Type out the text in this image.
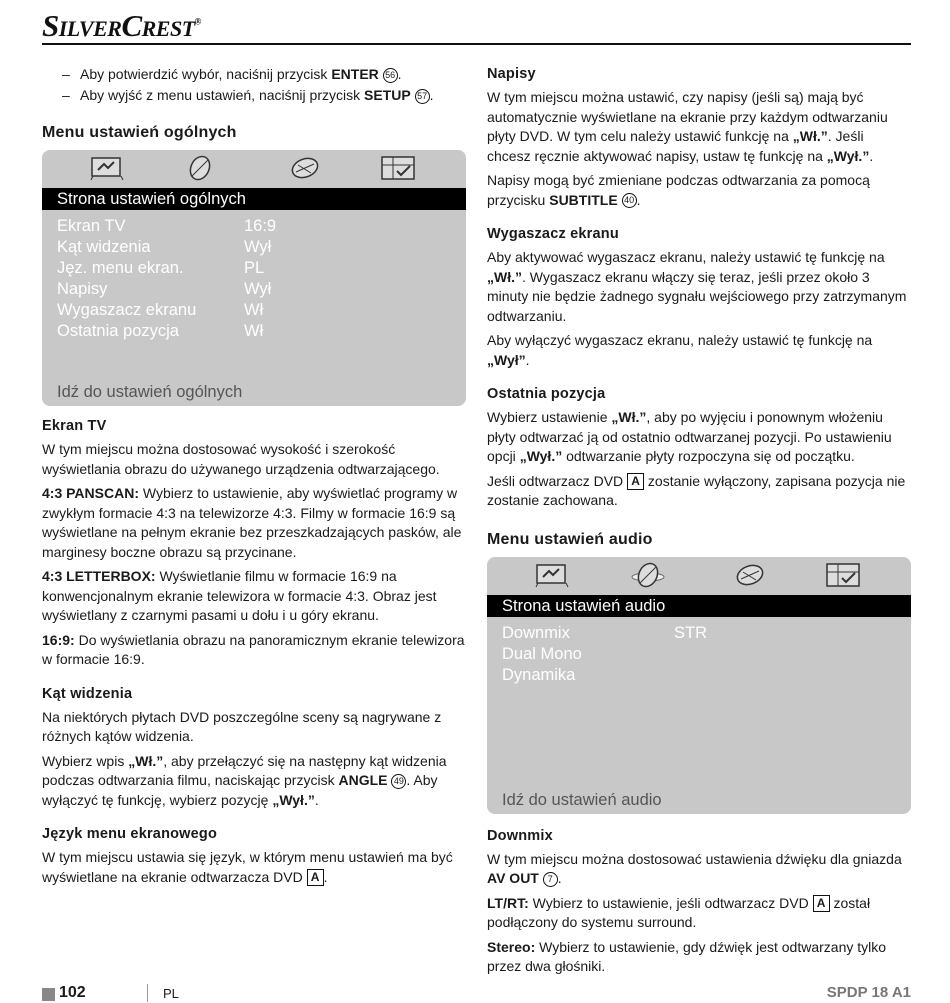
SilverCrest®
– Aby potwierdzić wybór, naciśnij przycisk ENTER 56 .
– Aby wyjść z menu ustawień, naciśnij przycisk SETUP 57 .
Menu ustawień ogólnych
Strona ustawień ogólnych
Ekran TV	16:9
Kąt widzenia	Wył
Jęz. menu ekran.	PL
Napisy	Wył
Wygaszacz ekranu	Wł
Ostatnia pozycja	Wł
Idź do ustawień ogólnych
Ekran TV
W tym miejscu można dostosować wysokość i szerokość wyświetlania obrazu do używanego urządzenia odtwarzającego.
4:3 PANSCAN: Wybierz to ustawienie, aby wyświetlać programy w zwykłym formacie 4:3 na telewizorze 4:3. Filmy w formacie 16:9 są wyświetlane na pełnym ekranie bez przeszkadzających pasków, ale marginesy boczne obrazu są przycinane.
4:3 LETTERBOX: Wyświetlanie filmu w formacie 16:9 na konwencjonalnym ekranie telewizora w formacie 4:3. Obraz jest wyświetlany z czarnymi pasami u dołu i u góry ekranu.
16:9: Do wyświetlania obrazu na panoramicznym ekranie telewizora w formacie 16:9.
Kąt widzenia
Na niektórych płytach DVD poszczególne sceny są nagrywane z różnych kątów widzenia.
Wybierz wpis „Wł.”, aby przełączyć się na następny kąt widzenia podczas odtwarzania filmu, naciskając przycisk ANGLE 49 . Aby wyłączyć tę funkcję, wybierz pozycję „Wył.”.
Język menu ekranowego
W tym miejscu ustawia się język, w którym menu ustawień ma być wyświetlane na ekranie odtwarzacza DVD A .
Napisy
W tym miejscu można ustawić, czy napisy (jeśli są) mają być automatycznie wyświetlane na ekranie przy każdym odtwarzaniu płyty DVD. W tym celu należy ustawić funkcję na „Wł.”. Jeśli chcesz ręcznie aktywować napisy, ustaw tę funkcję na „Wył.”.
Napisy mogą być zmieniane podczas odtwarzania za pomocą przycisku SUBTITLE 40 .
Wygaszacz ekranu
Aby aktywować wygaszacz ekranu, należy ustawić tę funkcję na „Wł.”. Wygaszacz ekranu włączy się teraz, jeśli przez około 3 minuty nie będzie żadnego sygnału wejściowego przy zatrzymanym odtwarzaniu.
Aby wyłączyć wygaszacz ekranu, należy ustawić tę funkcję na „Wył”.
Ostatnia pozycja
Wybierz ustawienie „Wł.”, aby po wyjęciu i ponownym włożeniu płyty odtwarzać ją od ostatnio odtwarzanej pozycji. Po ustawieniu opcji „Wył.” odtwarzanie płyty rozpoczyna się od początku.
Jeśli odtwarzacz DVD A zostanie wyłączony, zapisana pozycja nie zostanie zachowana.
Menu ustawień audio
Strona ustawień audio
Downmix	STR
Dual Mono
Dynamika
Idź do ustawień audio
Downmix
W tym miejscu można dostosować ustawienia dźwięku dla gniazda AV OUT 7 .
LT/RT: Wybierz to ustawienie, jeśli odtwarzacz DVD A został podłączony do systemu surround.
Stereo: Wybierz to ustawienie, gdy dźwięk jest odtwarzany tylko przez dwa głośniki.
102	PL	SPDP 18 A1
